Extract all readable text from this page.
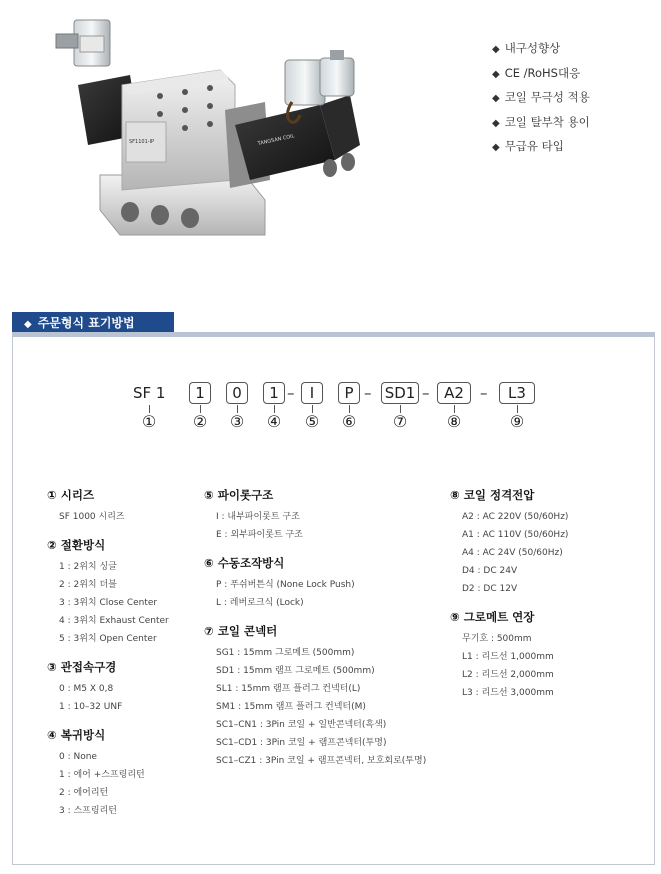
SF1101-IP	TANGSAN COIL
◆ 내구성향상
◆ CE /RoHS대응
◆ 코일 무극성 적용
◆ 코일 탈부착 용이
◆ 무급유 타입
◆ 주문형식 표기방법
SF 1	1	0	1 –	I	P – SD1 – A2	–	L3
①	②	③	④	⑤	⑥	⑦	⑧	⑨
① 시리즈
SF 1000 시리즈
② 절환방식
1 : 2위치 싱글
2 : 2위치 더블
3 : 3위치 Close Center
4 : 3위치 Exhaust Center
5 : 3위치 Open Center
③ 관접속구경
0 : M5 X 0,8
1 : 10–32 UNF
④ 복귀방식
0 : None
1 : 에어 +스프링리턴
2 : 에어리턴
3 : 스프링리턴
⑤ 파이롯구조
I : 내부파이롯트 구조
E : 외부파이롯트 구조
⑥ 수동조작방식
P : 푸쉬버튼식 (None Lock Push)
L : 레버로크식 (Lock)
⑦ 코일 콘넥터
SG1 : 15mm 그로메트 (500mm)
SD1 : 15mm 램프 그로메트 (500mm)
SL1 : 15mm 램프 플러그 컨넥터(L)
SM1 : 15mm 램프 플러그 컨넥터(M)
SC1–CN1 : 3Pin 코일 + 일반콘넥터(흑색)
SC1–CD1 : 3Pin 코일 + 램프콘넥터(투명)
SC1–CZ1 : 3Pin 코일 + 램프콘넥터, 보호회로(투명)
⑧ 코일 정격전압
A2 : AC 220V (50/60Hz)
A1 : AC 110V (50/60Hz)
A4 : AC 24V (50/60Hz)
D4 : DC 24V
D2 : DC 12V
⑨ 그로메트 연장
무기호 : 500mm
L1 : 리드선 1,000mm
L2 : 리드선 2,000mm
L3 : 리드선 3,000mm
